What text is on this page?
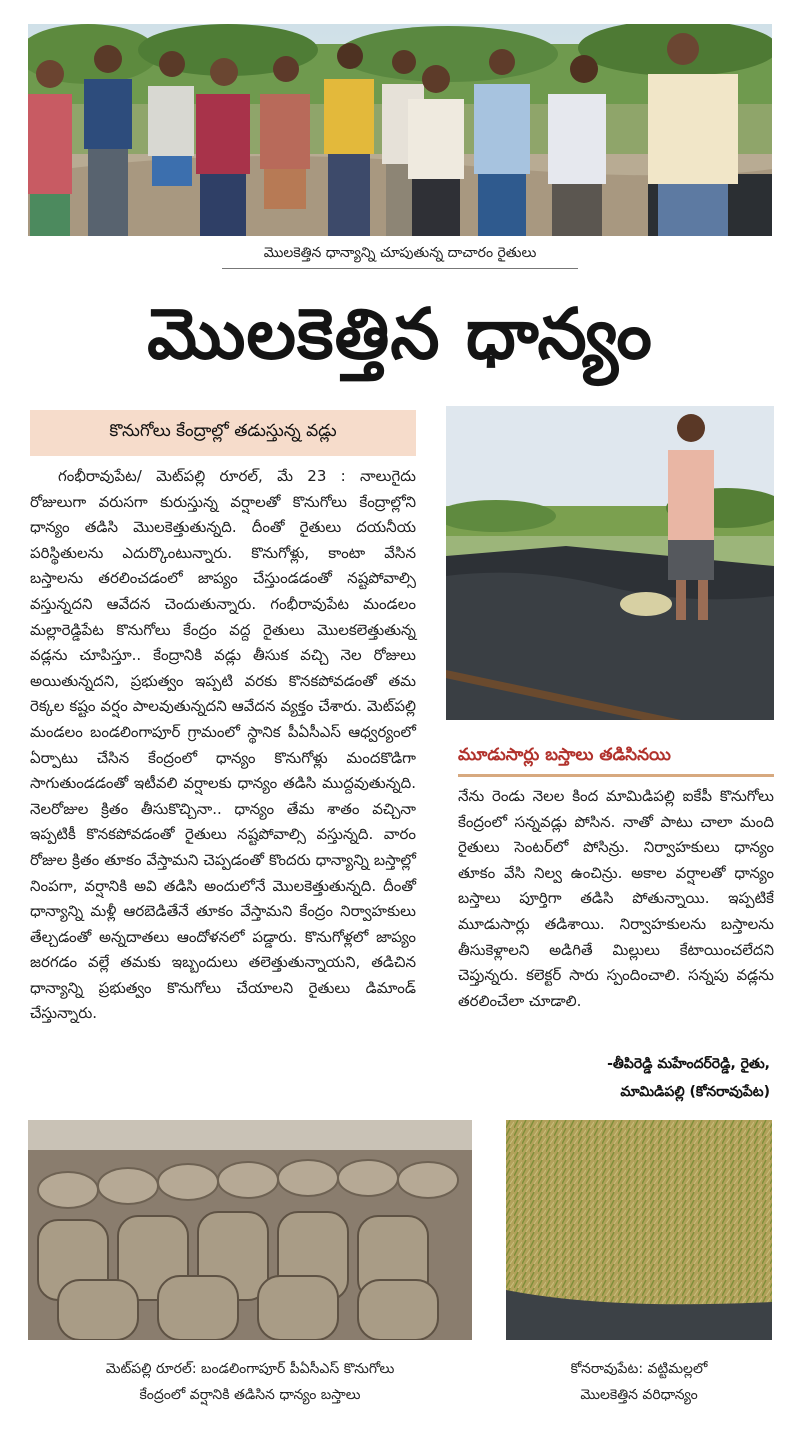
మొలకెత్తిన ధాన్యాన్ని చూపుతున్న దాచారం రైతులు
మొలకెత్తిన ధాన్యం
కొనుగోలు కేంద్రాల్లో తడుస్తున్న వడ్లు

గంభీరావుపేట/ మెట్‌పల్లి రూరల్, మే 23 : నాలుగైదు రోజులుగా వరుసగా కురుస్తున్న వర్షాలతో కొనుగోలు కేంద్రాల్లోని ధాన్యం తడిసి మొలకెత్తుతున్నది. దీంతో రైతులు దయనీయ పరిస్థితులను ఎదుర్కొంటున్నారు. కొనుగోళ్లు, కాంటా వేసిన బస్తాలను తరలించడంలో జాప్యం చేస్తుండడంతో నష్టపోవాల్సి వస్తున్నదని ఆవేదన చెందుతున్నారు. గంభీరావుపేట మండలం మల్లారెడ్డిపేట కొనుగోలు కేంద్రం వద్ద రైతులు మొలకలెత్తుతున్న వడ్లను చూపిస్తూ.. కేంద్రానికి వడ్లు తీసుక వచ్చి నెల రోజులు అయితున్నదని, ప్రభుత్వం ఇప్పటి వరకు కొనకపోవడంతో తమ రెక్కల కష్టం వర్షం పాలవుతున్నదని ఆవేదన వ్యక్తం చేశారు. మెట్‌పల్లి మండలం బండలింగాపూర్ గ్రామంలో స్థానిక పీఏసీఎస్ ఆధ్వర్యంలో ఏర్పాటు చేసిన కేంద్రంలో ధాన్యం కొనుగోళ్లు మందకొడిగా సాగుతుండడంతో ఇటీవలి వర్షాలకు ధాన్యం తడిసి ముద్దవుతున్నది. నెలరోజుల క్రితం తీసుకొచ్చినా.. ధాన్యం తేమ శాతం వచ్చినా ఇప్పటికీ కొనకపోవడంతో రైతులు నష్టపోవాల్సి వస్తున్నది. వారం రోజుల క్రితం తూకం వేస్తామని చెప్పడంతో కొందరు ధాన్యాన్ని బస్తాల్లో నింపగా, వర్షానికి అవి తడిసి అందులోనే మొలకెత్తుతున్నది. దీంతో ధాన్యాన్ని మళ్లీ ఆరబెడితేనే తూకం వేస్తామని కేంద్రం నిర్వాహకులు తేల్చడంతో అన్నదాతలు ఆందోళనలో పడ్డారు. కొనుగోళ్లలో జాప్యం జరగడం వల్లే తమకు ఇబ్బందులు తలెత్తుతున్నాయని, తడిచిన ధాన్యాన్ని ప్రభుత్వం కొనుగోలు చేయాలని రైతులు డిమాండ్ చేస్తున్నారు.

మూడుసార్లు బస్తాలు తడిసినయి

నేను రెండు నెలల కింద మామిడిపల్లి ఐకేపీ కొనుగోలు కేంద్రంలో సన్నవడ్లు పోసిన. నాతో పాటు చాలా మంది రైతులు సెంటర్‌లో పోసిన్రు. నిర్వాహకులు ధాన్యం తూకం వేసి నిల్వ ఉంచిన్రు. అకాల వర్షాలతో ధాన్యం బస్తాలు పూర్తిగా తడిసి పోతున్నాయి. ఇప్పటికే మూడుసార్లు తడిశాయి. నిర్వాహకులను బస్తాలను తీసుకెళ్లాలని అడిగితే మిల్లులు కేటాయించలేదని చెప్తున్నరు. కలెక్టర్ సారు స్పందించాలి. సన్నపు వడ్లను తరలించేలా చూడాలి.

-తీపిరెడ్డి మహేందర్‌రెడ్డి, రైతు,
మామిడిపల్లి (కోనరావుపేట)
మెట్‌పల్లి రూరల్: బండలింగాపూర్ పీఏసీఎస్ కొనుగోలు
కేంద్రంలో వర్షానికి తడిసిన ధాన్యం బస్తాలు
కోనరావుపేట: వట్టిమల్లలో
మొలకెత్తిన వరిధాన్యం
